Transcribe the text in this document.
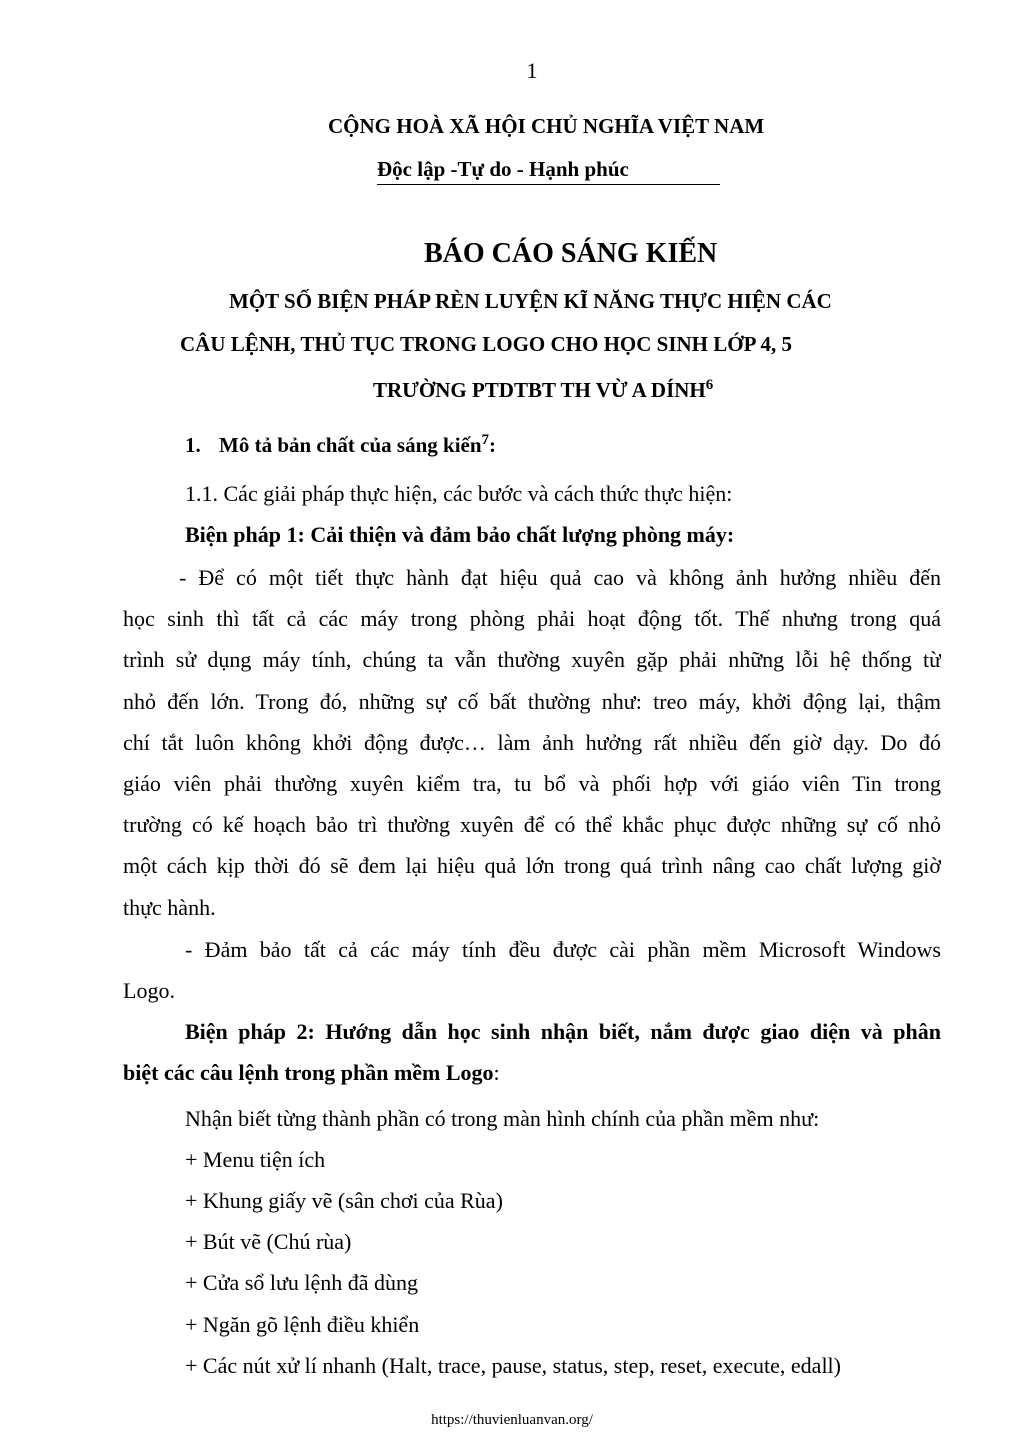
1
CỘNG HOÀ XÃ HỘI CHỦ NGHĨA VIỆT NAM
Độc lập -Tự do - Hạnh phúc
BÁO CÁO SÁNG KIẾN
MỘT SỐ BIỆN PHÁP RÈN LUYỆN KĨ NĂNG THỰC HIỆN CÁC
CÂU LỆNH, THỦ TỤC TRONG LOGO CHO HỌC SINH LỚP 4, 5
TRƯỜNG PTDTBT TH VỪ A DÍNH$^6$
1. Mô tả bản chất của sáng kiến$^7$:
1.1. Các giải pháp thực hiện, các bước và cách thức thực hiện:
Biện pháp 1: Cải thiện và đảm bảo chất lượng phòng máy:
- Để có một tiết thực hành đạt hiệu quả cao và không ảnh hưởng nhiều đến
học sinh thì tất cả các máy trong phòng phải hoạt động tốt. Thế nhưng trong quá
trình sử dụng máy tính, chúng ta vẫn thường xuyên gặp phải những lỗi hệ thống từ
nhỏ đến lớn. Trong đó, những sự cố bất thường như: treo máy, khởi động lại, thậm
chí tắt luôn không khởi động được… làm ảnh hưởng rất nhiều đến giờ dạy. Do đó
giáo viên phải thường xuyên kiểm tra, tu bổ và phối hợp với giáo viên Tin trong
trường có kế hoạch bảo trì thường xuyên để có thể khắc phục được những sự cố nhỏ
một cách kịp thời đó sẽ đem lại hiệu quả lớn trong quá trình nâng cao chất lượng giờ
thực hành.
- Đảm bảo tất cả các máy tính đều được cài phần mềm Microsoft Windows
Logo.
Biện pháp 2: Hướng dẫn học sinh nhận biết, nắm được giao diện và phân
biệt các câu lệnh trong phần mềm Logo:
Nhận biết từng thành phần có trong màn hình chính của phần mềm như:
+ Menu tiện ích
+ Khung giấy vẽ (sân chơi của Rùa)
+ Bút vẽ (Chú rùa)
+ Cửa sổ lưu lệnh đã dùng
+ Ngăn gõ lệnh điều khiển
+ Các nút xử lí nhanh (Halt, trace, pause, status, step, reset, execute, edall)
https://thuvienluanvan.org/
